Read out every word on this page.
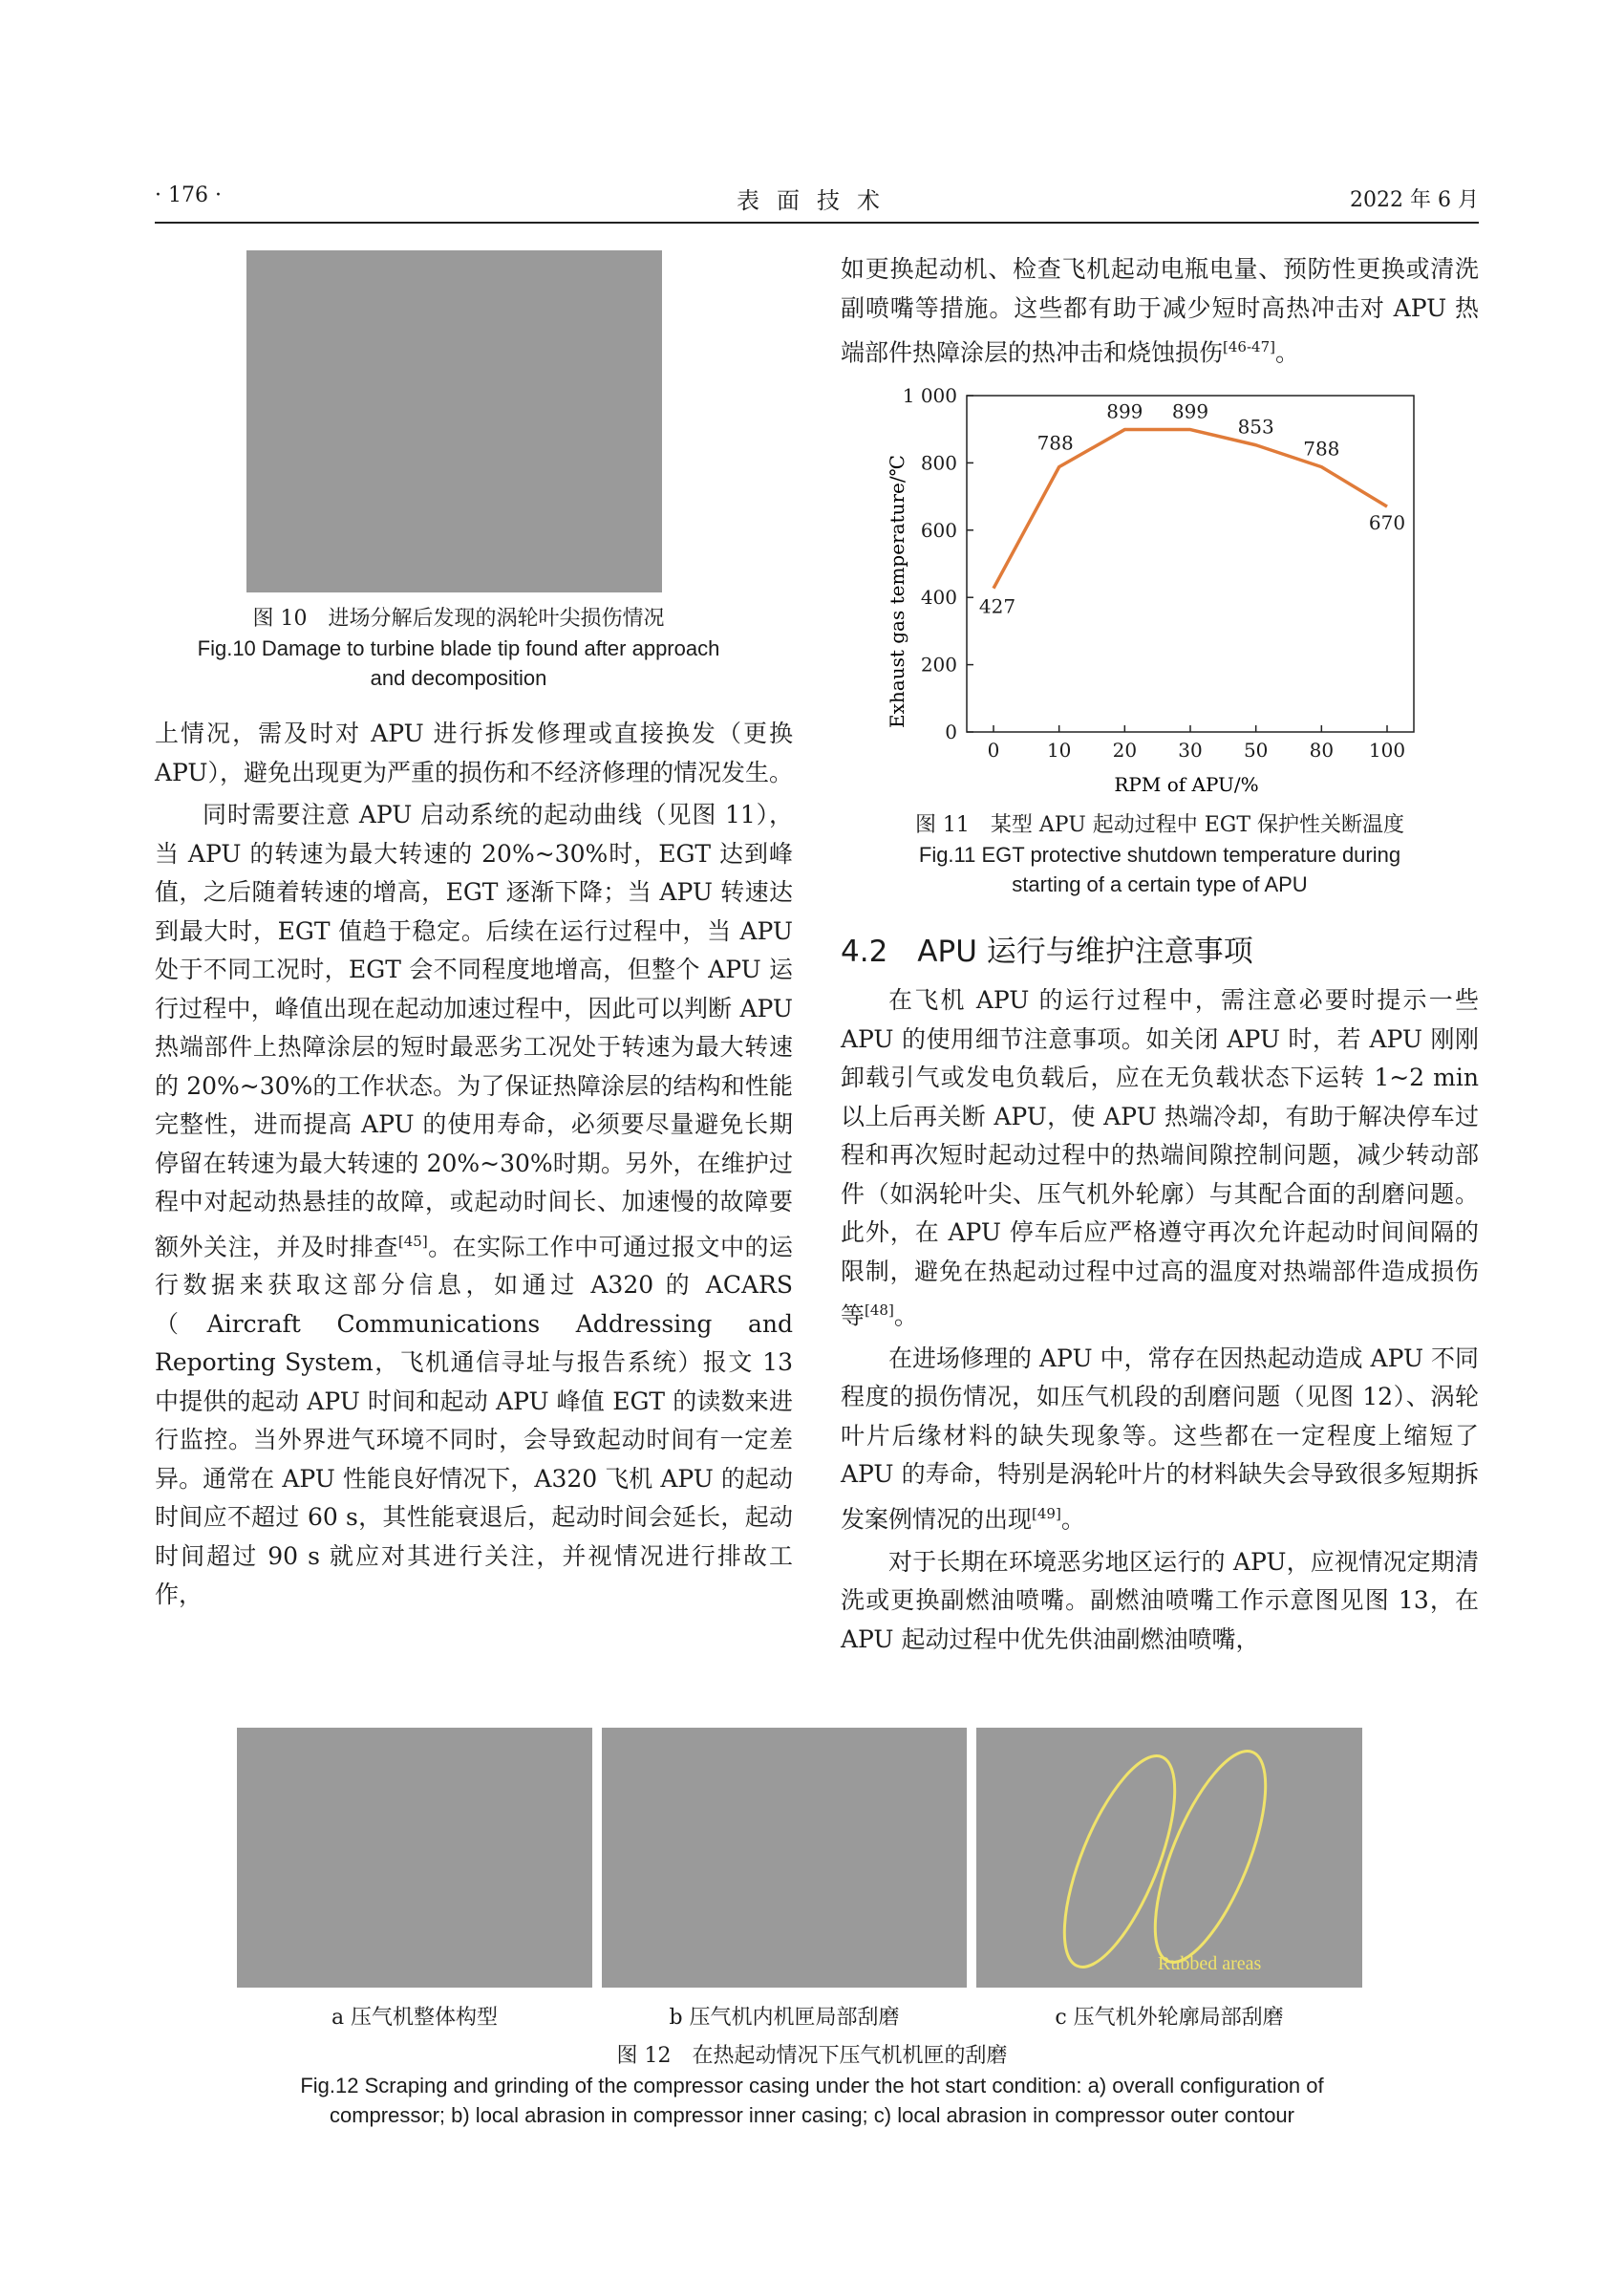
· 176 ·	表面技术	2022 年 6 月
图 10　进场分解后发现的涡轮叶尖损伤情况
Fig.10 Damage to turbine blade tip found after approach and decomposition

上情况，需及时对 APU 进行拆发修理或直接换发（更换 APU），避免出现更为严重的损伤和不经济修理的情况发生。

同时需要注意 APU 启动系统的起动曲线（见图 11），当 APU 的转速为最大转速的 20%~30%时，EGT 达到峰值，之后随着转速的增高，EGT 逐渐下降；当 APU 转速达到最大时，EGT 值趋于稳定。后续在运行过程中，当 APU 处于不同工况时，EGT 会不同程度地增高，但整个 APU 运行过程中，峰值出现在起动加速过程中，因此可以判断 APU 热端部件上热障涂层的短时最恶劣工况处于转速为最大转速的 20%~30%的工作状态。为了保证热障涂层的结构和性能完整性，进而提高 APU 的使用寿命，必须要尽量避免长期停留在转速为最大转速的 20%~30%时期。另外，在维护过程中对起动热悬挂的故障，或起动时间长、加速慢的故障要额外关注，并及时排查[45]。在实际工作中可通过报文中的运行数据来获取这部分信息，如通过 A320 的 ACARS（Aircraft Communications Addressing and Reporting System，飞机通信寻址与报告系统）报文 13 中提供的起动 APU 时间和起动 APU 峰值 EGT 的读数来进行监控。当外界进气环境不同时，会导致起动时间有一定差异。通常在 APU 性能良好情况下，A320 飞机 APU 的起动时间应不超过 60 s，其性能衰退后，起动时间会延长，起动时间超过 90 s 就应对其进行关注，并视情况进行排故工作，

如更换起动机、检查飞机起动电瓶电量、预防性更换或清洗副喷嘴等措施。这些都有助于减少短时高热冲击对 APU 热端部件热障涂层的热冲击和烧蚀损伤[46-47]。

0
200
400
600
800
1 000
0 10 20 30 50 80 100
427
788
899 899
853
788
670
Exhaust gas temperature/℃
RPM of APU/%
图 11　某型 APU 起动过程中 EGT 保护性关断温度
Fig.11 EGT protective shutdown temperature during starting of a certain type of APU
4.2　APU 运行与维护注意事项

在飞机 APU 的运行过程中，需注意必要时提示一些 APU 的使用细节注意事项。如关闭 APU 时，若 APU 刚刚卸载引气或发电负载后，应在无负载状态下运转 1~2 min 以上后再关断 APU，使 APU 热端冷却，有助于解决停车过程和再次短时起动过程中的热端间隙控制问题，减少转动部件（如涡轮叶尖、压气机外轮廓）与其配合面的刮磨问题。此外，在 APU 停车后应严格遵守再次允许起动时间间隔的限制，避免在热起动过程中过高的温度对热端部件造成损伤等[48]。

在进场修理的 APU 中，常存在因热起动造成 APU 不同程度的损伤情况，如压气机段的刮磨问题（见图 12）、涡轮叶片后缘材料的缺失现象等。这些都在一定程度上缩短了 APU 的寿命，特别是涡轮叶片的材料缺失会导致很多短期拆发案例情况的出现[49]。

对于长期在环境恶劣地区运行的 APU，应视情况定期清洗或更换副燃油喷嘴。副燃油喷嘴工作示意图见图 13，在 APU 起动过程中优先供油副燃油喷嘴，

Rubbed areas
a 压气机整体构型	b 压气机内机匣局部刮磨	c 压气机外轮廓局部刮磨
图 12　在热起动情况下压气机机匣的刮磨
Fig.12 Scraping and grinding of the compressor casing under the hot start condition: a) overall configuration of compressor; b) local abrasion in compressor inner casing; c) local abrasion in compressor outer contour
